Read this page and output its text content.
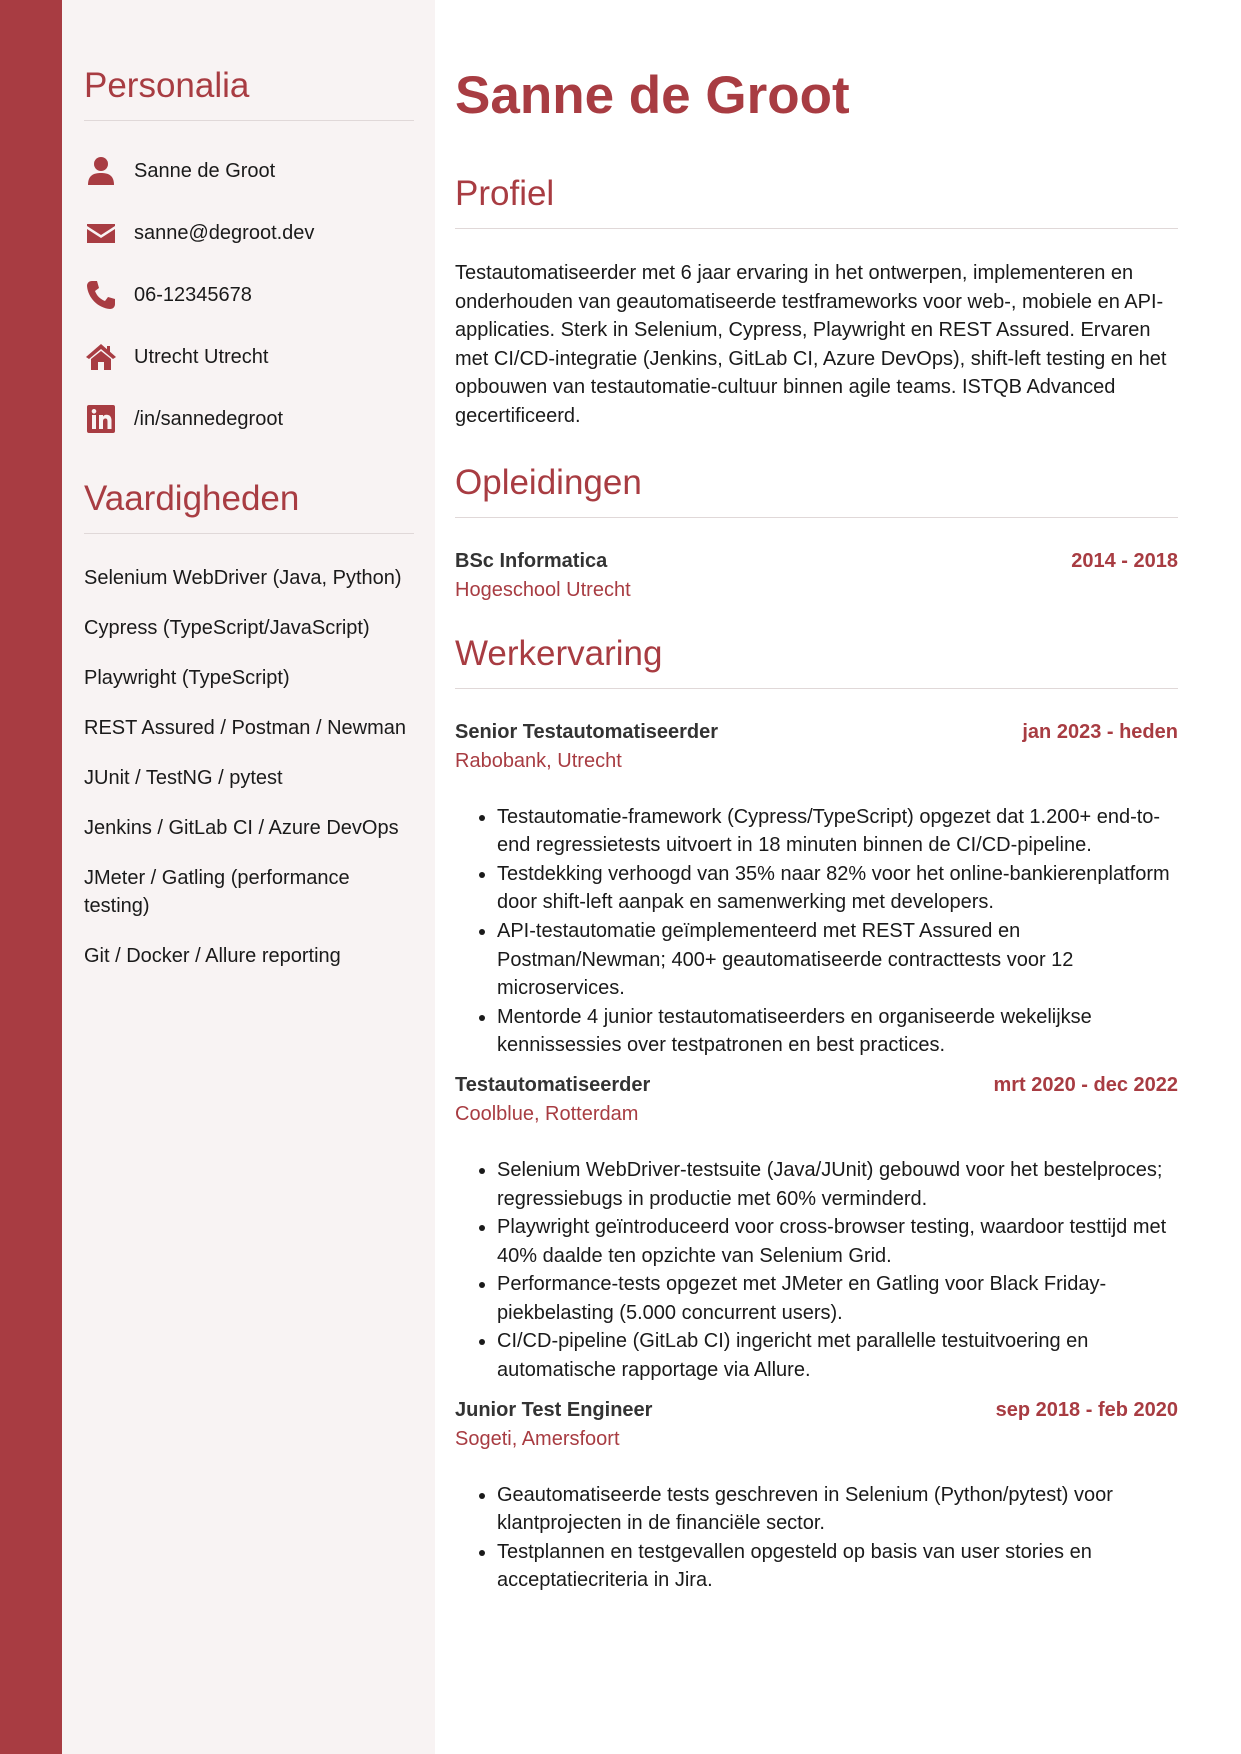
Personalia
Sanne de Groot
sanne@degroot.dev
06-12345678
Utrecht Utrecht
/in/sannedegroot
Vaardigheden
Selenium WebDriver (Java, Python)
Cypress (TypeScript/JavaScript)
Playwright (TypeScript)
REST Assured / Postman / Newman
JUnit / TestNG / pytest
Jenkins / GitLab CI / Azure DevOps
JMeter / Gatling (performance testing)
Git / Docker / Allure reporting
Sanne de Groot
Profiel
Testautomatiseerder met 6 jaar ervaring in het ontwerpen, implementeren en onderhouden van geautomatiseerde testframeworks voor web-, mobiele en API-applicaties. Sterk in Selenium, Cypress, Playwright en REST Assured. Ervaren met CI/CD-integratie (Jenkins, GitLab CI, Azure DevOps), shift-left testing en het opbouwen van testautomatie-cultuur binnen agile teams. ISTQB Advanced gecertificeerd.
Opleidingen
BSc Informatica	2014 - 2018
Hogeschool Utrecht
Werkervaring
Senior Testautomatiseerder	jan 2023 - heden
Rabobank, Utrecht
• Testautomatie-framework (Cypress/TypeScript) opgezet dat 1.200+ end-to-end regressietests uitvoert in 18 minuten binnen de CI/CD-pipeline.
• Testdekking verhoogd van 35% naar 82% voor het online-bankierenplatform door shift-left aanpak en samenwerking met developers.
• API-testautomatie geïmplementeerd met REST Assured en Postman/Newman; 400+ geautomatiseerde contracttests voor 12 microservices.
• Mentorde 4 junior testautomatiseerders en organiseerde wekelijkse kennissessies over testpatronen en best practices.
Testautomatiseerder	mrt 2020 - dec 2022
Coolblue, Rotterdam
• Selenium WebDriver-testsuite (Java/JUnit) gebouwd voor het bestelproces; regressiebugs in productie met 60% verminderd.
• Playwright geïntroduceerd voor cross-browser testing, waardoor testtijd met 40% daalde ten opzichte van Selenium Grid.
• Performance-tests opgezet met JMeter en Gatling voor Black Friday-piekbelasting (5.000 concurrent users).
• CI/CD-pipeline (GitLab CI) ingericht met parallelle testuitvoering en automatische rapportage via Allure.
Junior Test Engineer	sep 2018 - feb 2020
Sogeti, Amersfoort
• Geautomatiseerde tests geschreven in Selenium (Python/pytest) voor klantprojecten in de financiële sector.
• Testplannen en testgevallen opgesteld op basis van user stories en acceptatiecriteria in Jira.
